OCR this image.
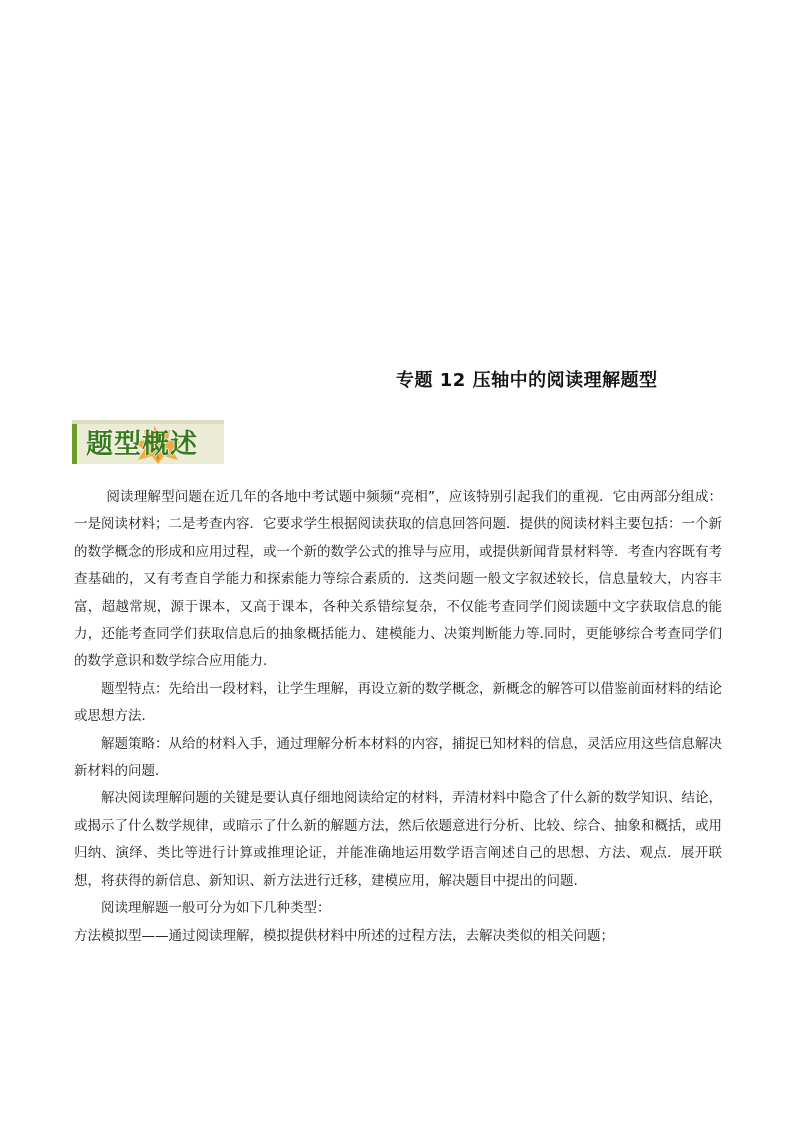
专题 12 压轴中的阅读理解题型
题型概述

阅读理解型问题在近几年的各地中考试题中频频“亮相”，应该特别引起我们的重视．它由两部分组成：一是阅读材料；二是考查内容．它要求学生根据阅读获取的信息回答问题．提供的阅读材料主要包括：一个新的数学概念的形成和应用过程，或一个新的数学公式的推导与应用，或提供新闻背景材料等．考查内容既有考查基础的，又有考查自学能力和探索能力等综合素质的．这类问题一般文字叙述较长，信息量较大，内容丰富，超越常规，源于课本，又高于课本，各种关系错综复杂，不仅能考查同学们阅读题中文字获取信息的能力，还能考查同学们获取信息后的抽象概括能力、建模能力、决策判断能力等.同时，更能够综合考查同学们的数学意识和数学综合应用能力.

题型特点：先给出一段材料，让学生理解，再设立新的数学概念，新概念的解答可以借鉴前面材料的结论或思想方法．

解题策略：从给的材料入手，通过理解分析本材料的内容，捕捉已知材料的信息，灵活应用这些信息解决新材料的问题．

解决阅读理解问题的关键是要认真仔细地阅读给定的材料，弄清材料中隐含了什么新的数学知识、结论，或揭示了什么数学规律，或暗示了什么新的解题方法，然后依题意进行分析、比较、综合、抽象和概括，或用归纳、演绎、类比等进行计算或推理论证，并能准确地运用数学语言阐述自己的思想、方法、观点．展开联想，将获得的新信息、新知识、新方法进行迁移，建模应用，解决题目中提出的问题.

阅读理解题一般可分为如下几种类型：

方法模拟型——通过阅读理解，模拟提供材料中所述的过程方法，去解决类似的相关问题；
